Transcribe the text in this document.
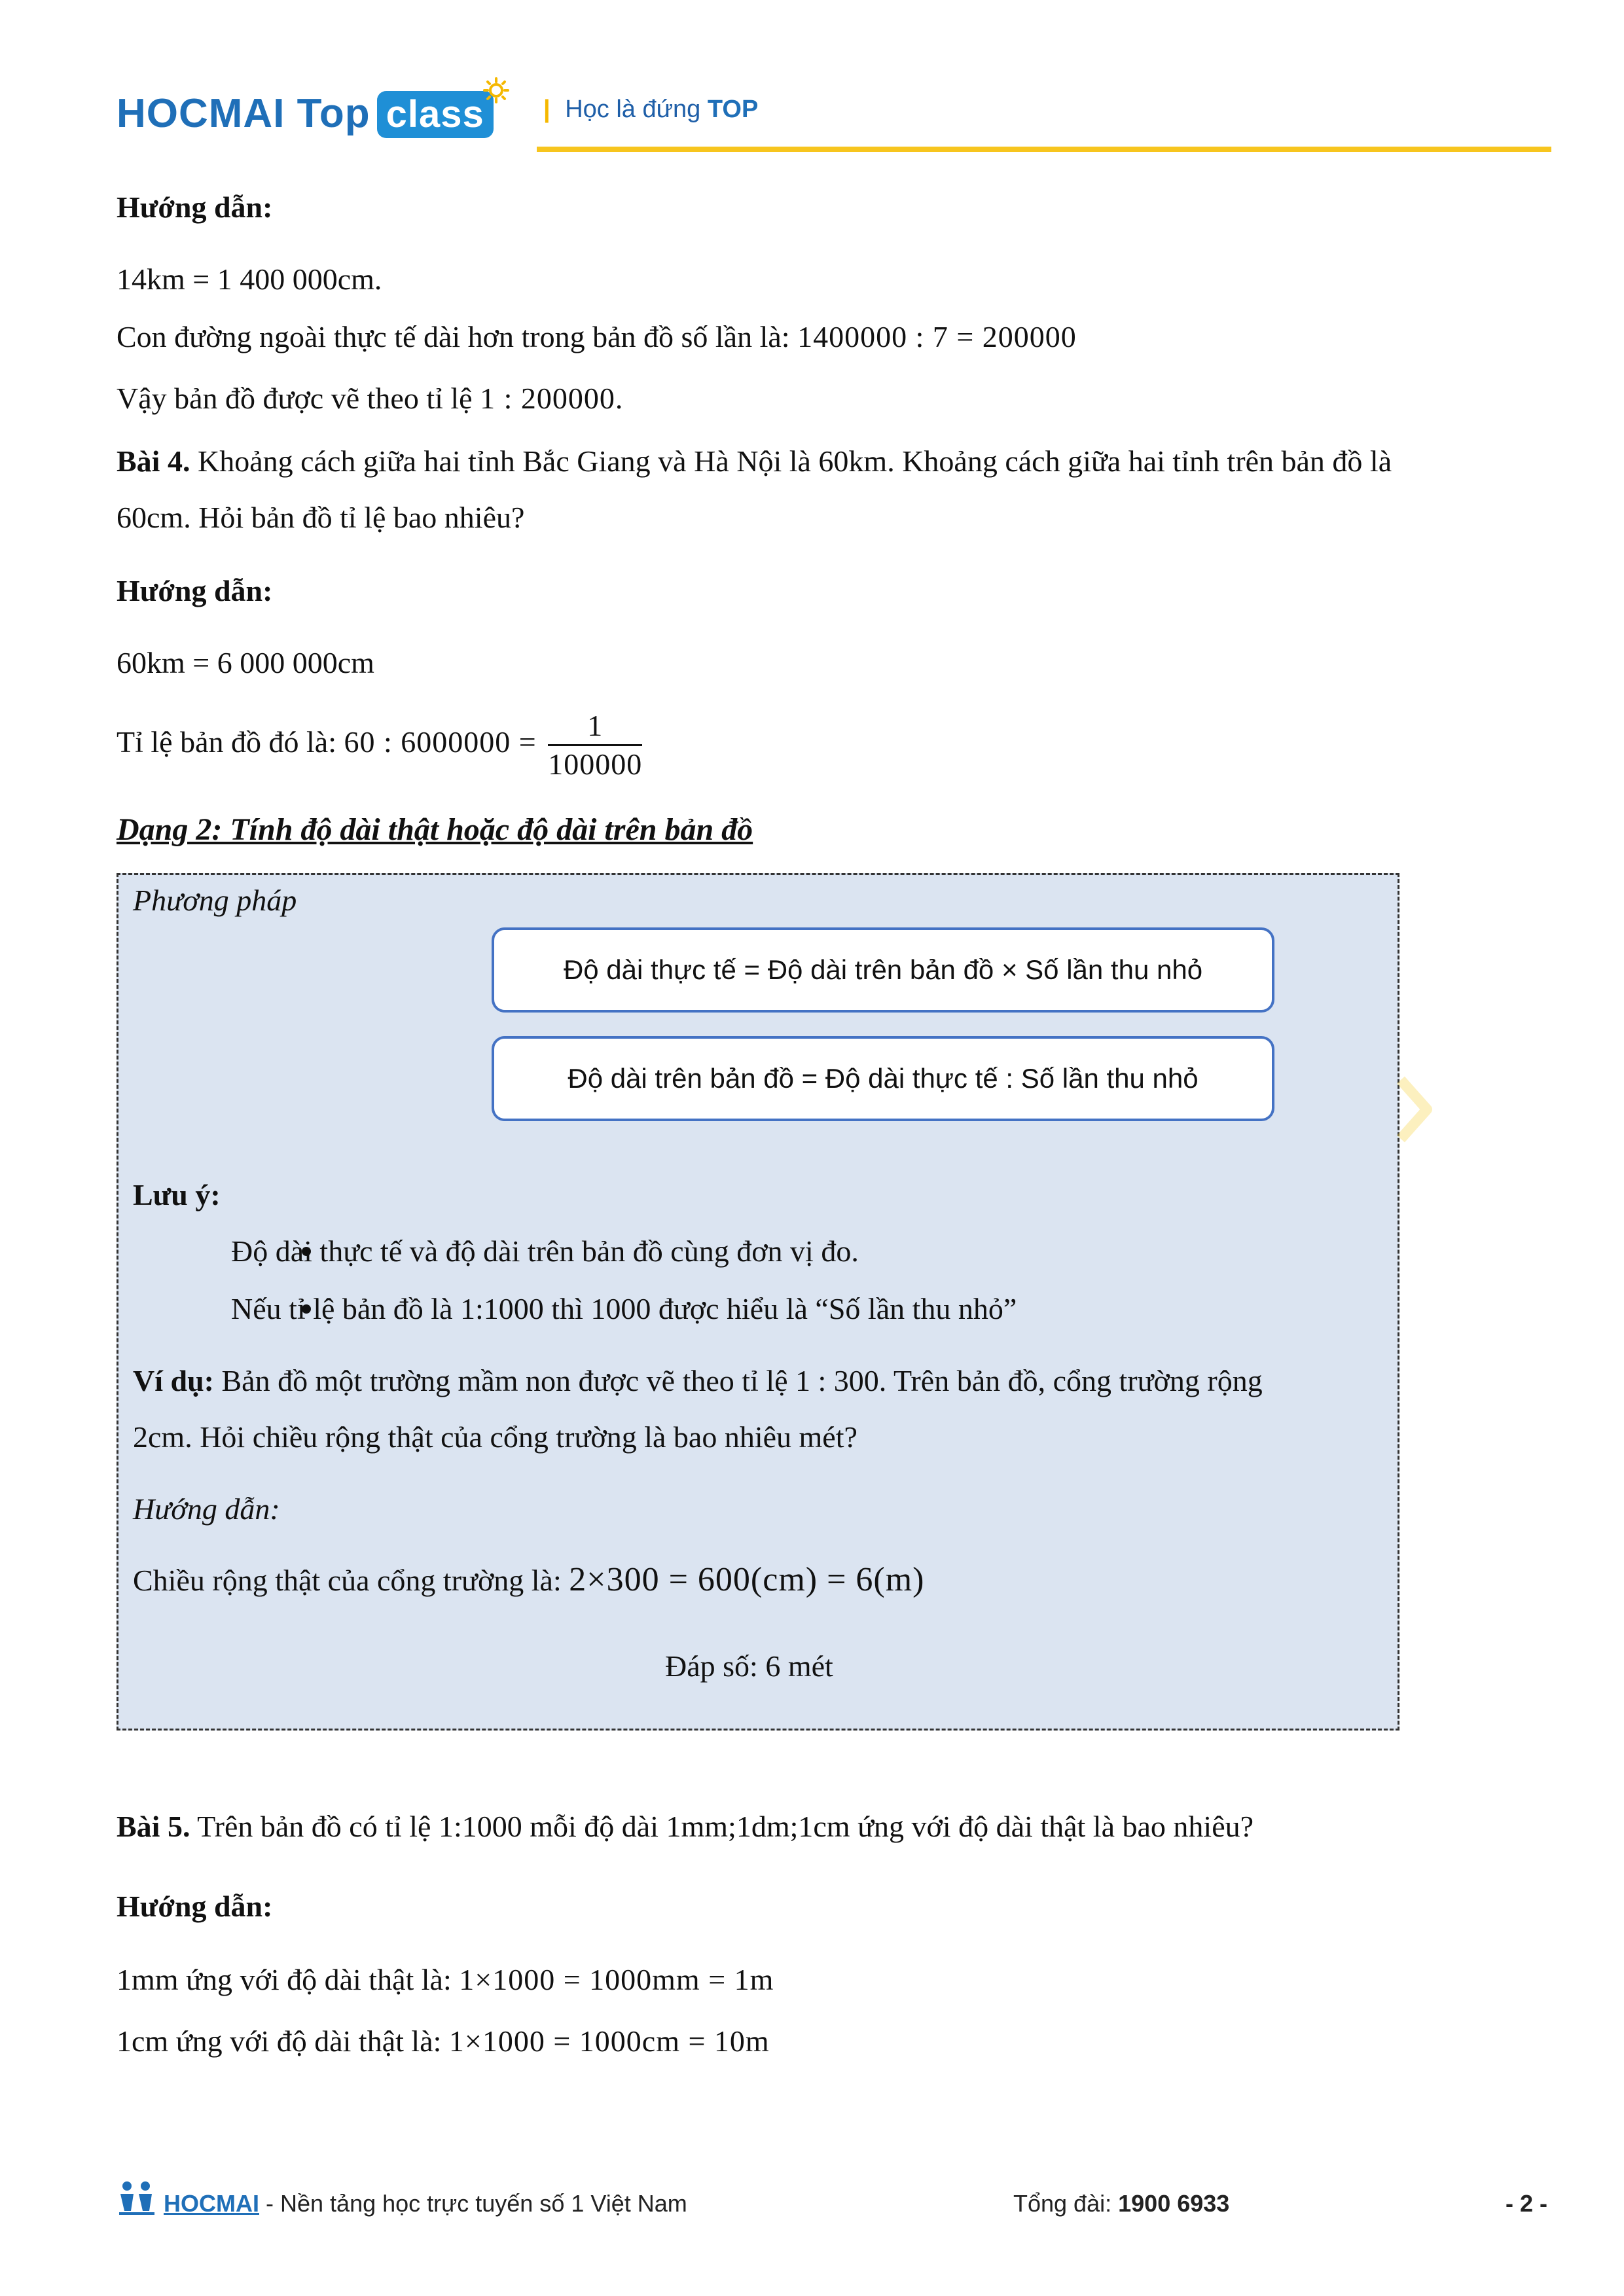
HOCMAI Top class	| Học là đứng TOP
Hướng dẫn:
14km = 1 400 000cm.
Con đường ngoài thực tế dài hơn trong bản đồ số lần là: 1400000 : 7 = 200000
Vậy bản đồ được vẽ theo tỉ lệ 1 : 200000.
Bài 4. Khoảng cách giữa hai tỉnh Bắc Giang và Hà Nội là 60km. Khoảng cách giữa hai tỉnh trên bản đồ là
60cm. Hỏi bản đồ tỉ lệ bao nhiêu?
Hướng dẫn:
60km = 6 000 000cm
Tỉ lệ bản đồ đó là: 60 : $6000000 = \frac{1}{100000}$
Dạng 2: Tính độ dài thật hoặc độ dài trên bản đồ
Phương pháp
Độ dài thực tế = Độ dài trên bản đồ × Số lần thu nhỏ
Độ dài trên bản đồ = Độ dài thực tế : Số lần thu nhỏ
Lưu ý:
Độ dài thực tế và độ dài trên bản đồ cùng đơn vị đo.
Nếu tỉ lệ bản đồ là 1:1000 thì 1000 được hiểu là “Số lần thu nhỏ”
Ví dụ: Bản đồ một trường mầm non được vẽ theo tỉ lệ 1 : 300. Trên bản đồ, cổng trường rộng
2cm. Hỏi chiều rộng thật của cổng trường là bao nhiêu mét?
Hướng dẫn:
Chiều rộng thật của cổng trường là: 2×300 = 600(cm) = 6(m)
Đáp số: 6 mét
Bài 5. Trên bản đồ có tỉ lệ 1:1000 mỗi độ dài 1mm;1dm;1cm ứng với độ dài thật là bao nhiêu?
Hướng dẫn:
1mm ứng với độ dài thật là: 1×1000 = 1000mm = 1m
1cm ứng với độ dài thật là: 1×1000 = 1000cm = 10m
HOCMAI - Nền tảng học trực tuyến số 1 Việt Nam	Tổng đài: 1900 6933	- 2 -
